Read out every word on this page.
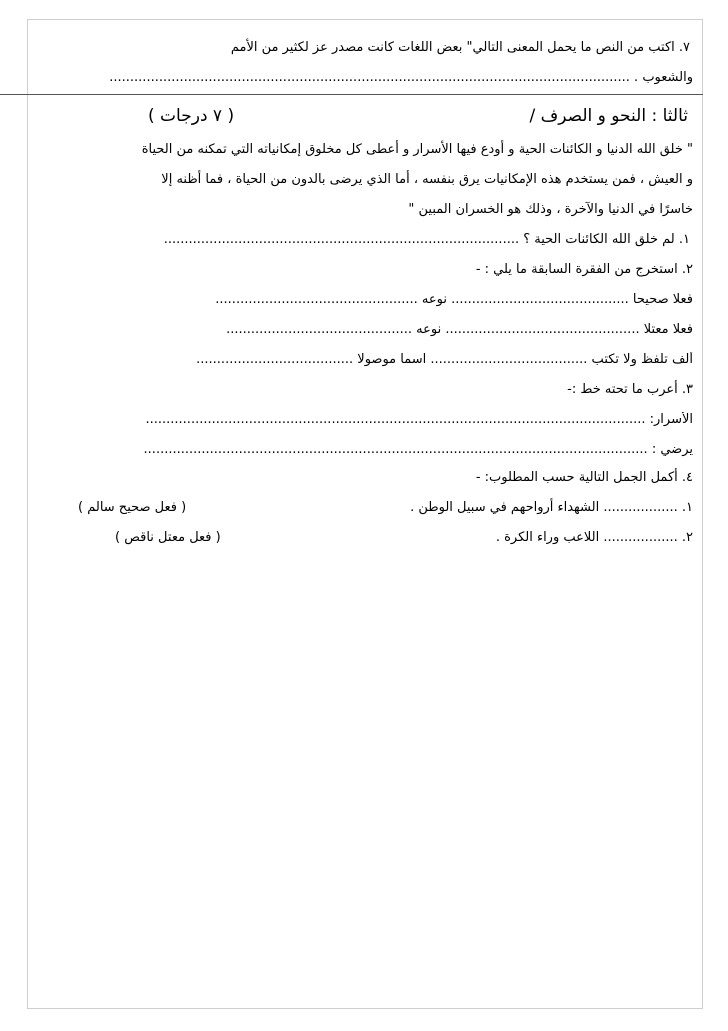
٧. اكتب من النص ما يحمل المعنى التالي" بعض اللغات كانت مصدر عز لكثير من الأمم
والشعوب . ..............................................................................................................................
ثالثا : النحو و الصرف /
( ٧ درجات )
" خلق الله الدنيا و الكائنات الحية و أودع فيها الأسرار و أعطى كل مخلوق إمكانياته التي تمكنه من الحياة
و العيش ، فمن يستخدم هذه الإمكانيات يرق بنفسه ، أما الذي يرضى بالدون من الحياة ، فما أظنه إلا
خاسرًا في الدنيا والآخرة ، وذلك هو الخسران المبين "
١. لم خلق الله الكائنات الحية ؟ ......................................................................................
٢. استخرج من الفقرة السابقة ما يلي : -
فعلا صحيحا ........................................... نوعه .................................................
فعلا معتلا ............................................... نوعه .............................................
ألف تلفظ ولا تكتب ...................................... اسما موصولا ......................................
٣. أعرب ما تحته خط :-
الأسرار: .........................................................................................................................
يرضي : ..........................................................................................................................
٤. أكمل الجمل التالية حسب المطلوب: -
١. .................. الشهداء أرواحهم في سبيل الوطن .
( فعل صحيح سالم )
٢. .................. اللاعب وراء الكرة .
( فعل معتل ناقص )
